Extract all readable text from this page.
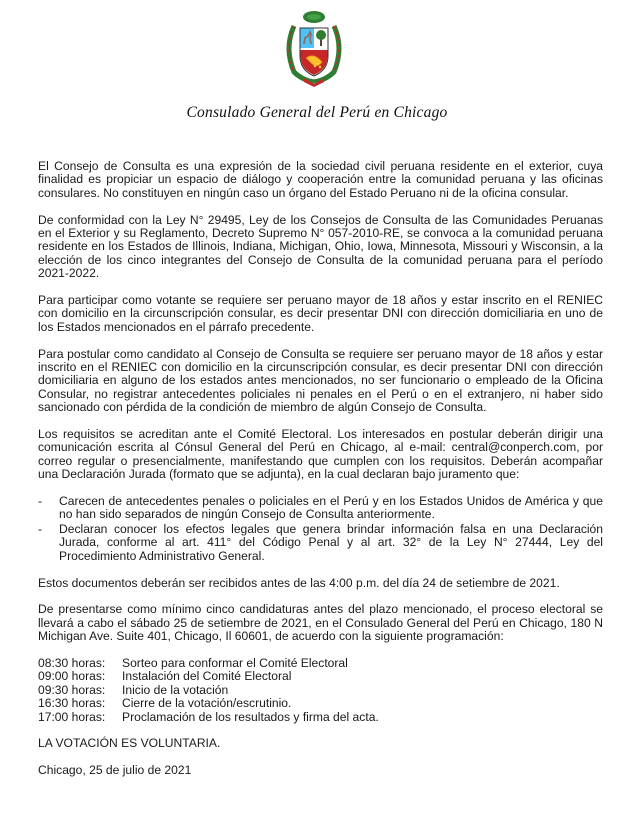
Consulado General del Perú en Chicago

El Consejo de Consulta es una expresión de la sociedad civil peruana residente en el exterior, cuya finalidad es propiciar un espacio de diálogo y cooperación entre la comunidad peruana y las oficinas consulares. No constituyen en ningún caso un órgano del Estado Peruano ni de la oficina consular.

De conformidad con la Ley N° 29495, Ley de los Consejos de Consulta de las Comunidades Peruanas en el Exterior y su Reglamento, Decreto Supremo N° 057-2010-RE, se convoca a la comunidad peruana residente en los Estados de Illinois, Indiana, Michigan, Ohio, Iowa, Minnesota, Missouri y Wisconsin, a la elección de los cinco integrantes del Consejo de Consulta de la comunidad peruana para el período 2021-2022.

Para participar como votante se requiere ser peruano mayor de 18 años y estar inscrito en el RENIEC con domicilio en la circunscripción consular, es decir presentar DNI con dirección domiciliaria en uno de los Estados mencionados en el párrafo precedente.

Para postular como candidato al Consejo de Consulta se requiere ser peruano mayor de 18 años y estar inscrito en el RENIEC con domicilio en la circunscripción consular, es decir presentar DNI con dirección domiciliaria en alguno de los estados antes mencionados, no ser funcionario o empleado de la Oficina Consular, no registrar antecedentes policiales ni penales en el Perú o en el extranjero, ni haber sido sancionado con pérdida de la condición de miembro de algún Consejo de Consulta.

Los requisitos se acreditan ante el Comité Electoral. Los interesados en postular deberán dirigir una comunicación escrita al Cónsul General del Perú en Chicago, al e-mail: central@conperch.com, por correo regular o presencialmente, manifestando que cumplen con los requisitos. Deberán acompañar una Declaración Jurada (formato que se adjunta), en la cual declaran bajo juramento que:

- Carecen de antecedentes penales o policiales en el Perú y en los Estados Unidos de América y que no han sido separados de ningún Consejo de Consulta anteriormente.
- Declaran conocer los efectos legales que genera brindar información falsa en una Declaración Jurada, conforme al art. 411° del Código Penal y al art. 32° de la Ley N° 27444, Ley del Procedimiento Administrativo General.

Estos documentos deberán ser recibidos antes de las 4:00 p.m. del día 24 de setiembre de 2021.

De presentarse como mínimo cinco candidaturas antes del plazo mencionado, el proceso electoral se llevará a cabo el sábado 25 de setiembre de 2021, en el Consulado General del Perú en Chicago, 180 N Michigan Ave. Suite 401, Chicago, Il 60601, de acuerdo con la siguiente programación:

08:30 horas:	Sorteo para conformar el Comité Electoral
09:00 horas:	Instalación del Comité Electoral
09:30 horas:	Inicio de la votación
16:30 horas:	Cierre de la votación/escrutinio.
17:00 horas:	Proclamación de los resultados y firma del acta.

LA VOTACIÓN ES VOLUNTARIA.

Chicago, 25 de julio de 2021
